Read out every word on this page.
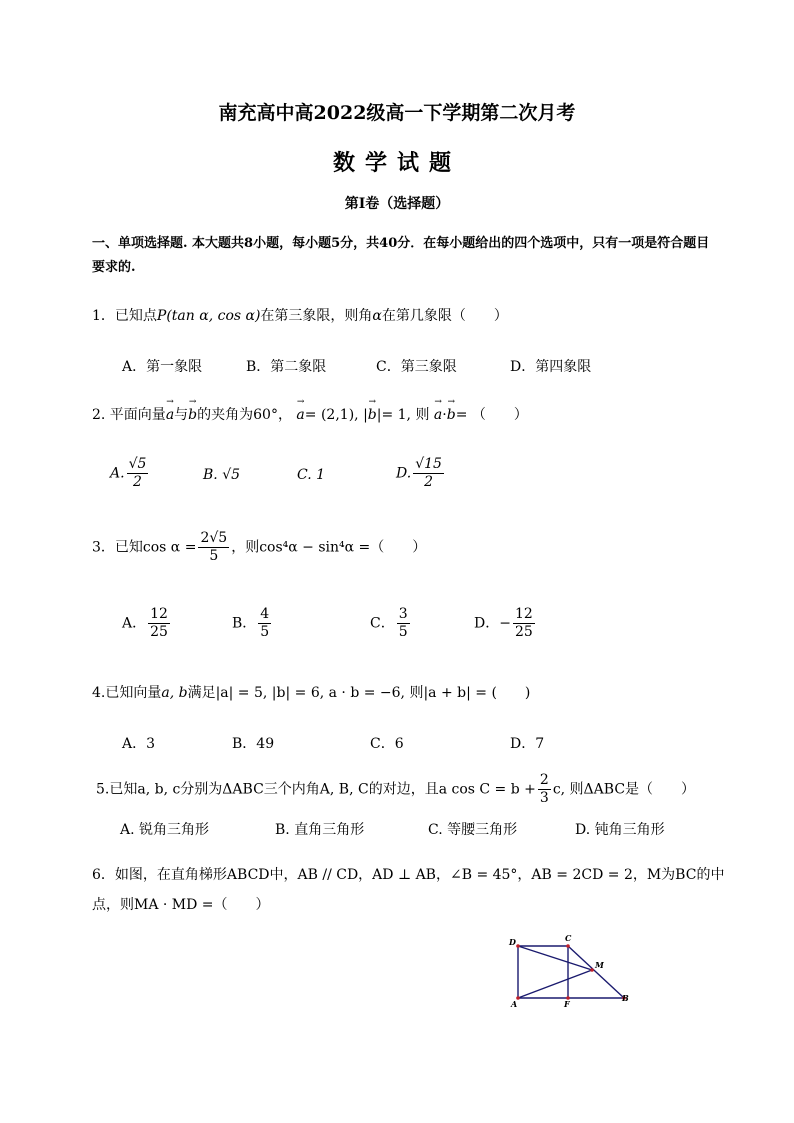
南充高中高2022级高一下学期第二次月考
数学试题
第Ⅰ卷（选择题）
一、单项选择题. 本大题共8小题，每小题5分，共40分．在每小题给出的四个选项中，只有一项是符合题目要求的.
1．已知点P(tan α, cos α)在第三象限，则角α在第几象限（　　）
A．第一象限	B．第二象限	C．第三象限	D．第四象限
2. 平面向量→ a与→ b的夹角为60°， → a= (2,1), |→ b|= 1, 则 → a·→ b= （　　）
A. $\frac{√5}{2}$	B. √5	C. 1	D. $\frac{√15}{2}$
3．已知$\cos \alpha = \frac{2√5}{5}$ ，则cos⁴α − sin⁴α =（　　）
A． $\frac{12}{25}$	B． $\frac{4}{5}$	C． $\frac{3}{5}$	D．− $\frac{12}{25}$
4.已知向量a, b满足|a| = 5, |b| = 6, a · b = −6, 则|a + b| = (　　)
A．3	B．49	C．6	D．7
5.已知a, b, c分别为ΔABC三个内角A, B, C的对边，且a $\cos C = b + \frac{2}{3} c$, 则ΔABC是（　　）
A. 锐角三角形	B. 直角三角形	C. 等腰三角形	D. 钝角三角形
6．如图，在直角梯形ABCD中，AB // CD，AD ⊥ AB，∠B = 45°，AB = 2CD = 2，M为BC的中
点，则MA · MD =（　　）
D	C
M
A	F
B
